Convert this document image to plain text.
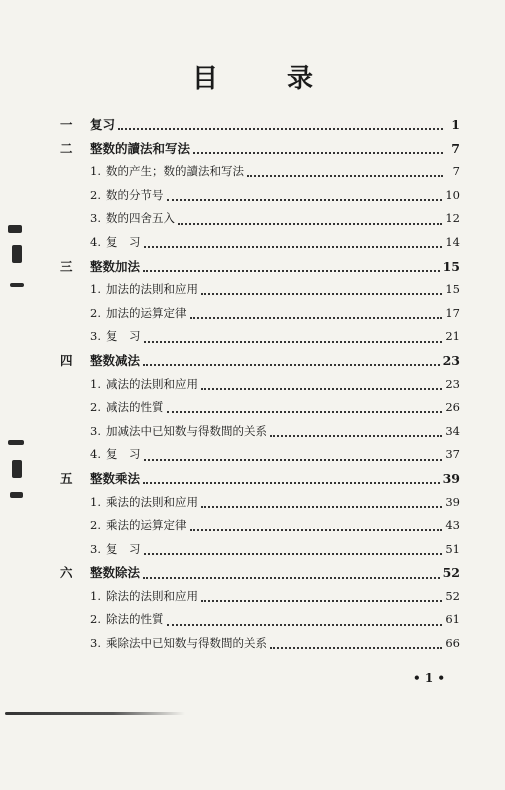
目 录
一	复习	1
二	整数的讀法和写法	7
1. 数的产生；数的讀法和写法	7
2. 数的分节号	10
3. 数的四舍五入	12
4. 复　习	14
三	整数加法	15
1. 加法的法則和应用	15
2. 加法的运算定律	17
3. 复　习	21
四	整数减法	23
1. 减法的法則和应用	23
2. 减法的性質	26
3. 加减法中已知数与得数間的关系	34
4. 复　习	37
五	整数乘法	39
1. 乘法的法則和应用	39
2. 乘法的运算定律	43
3. 复　习	51
六	整数除法	52
1. 除法的法則和应用	52
2. 除法的性質	61
3. 乘除法中已知数与得数間的关系	66
• 1 •
